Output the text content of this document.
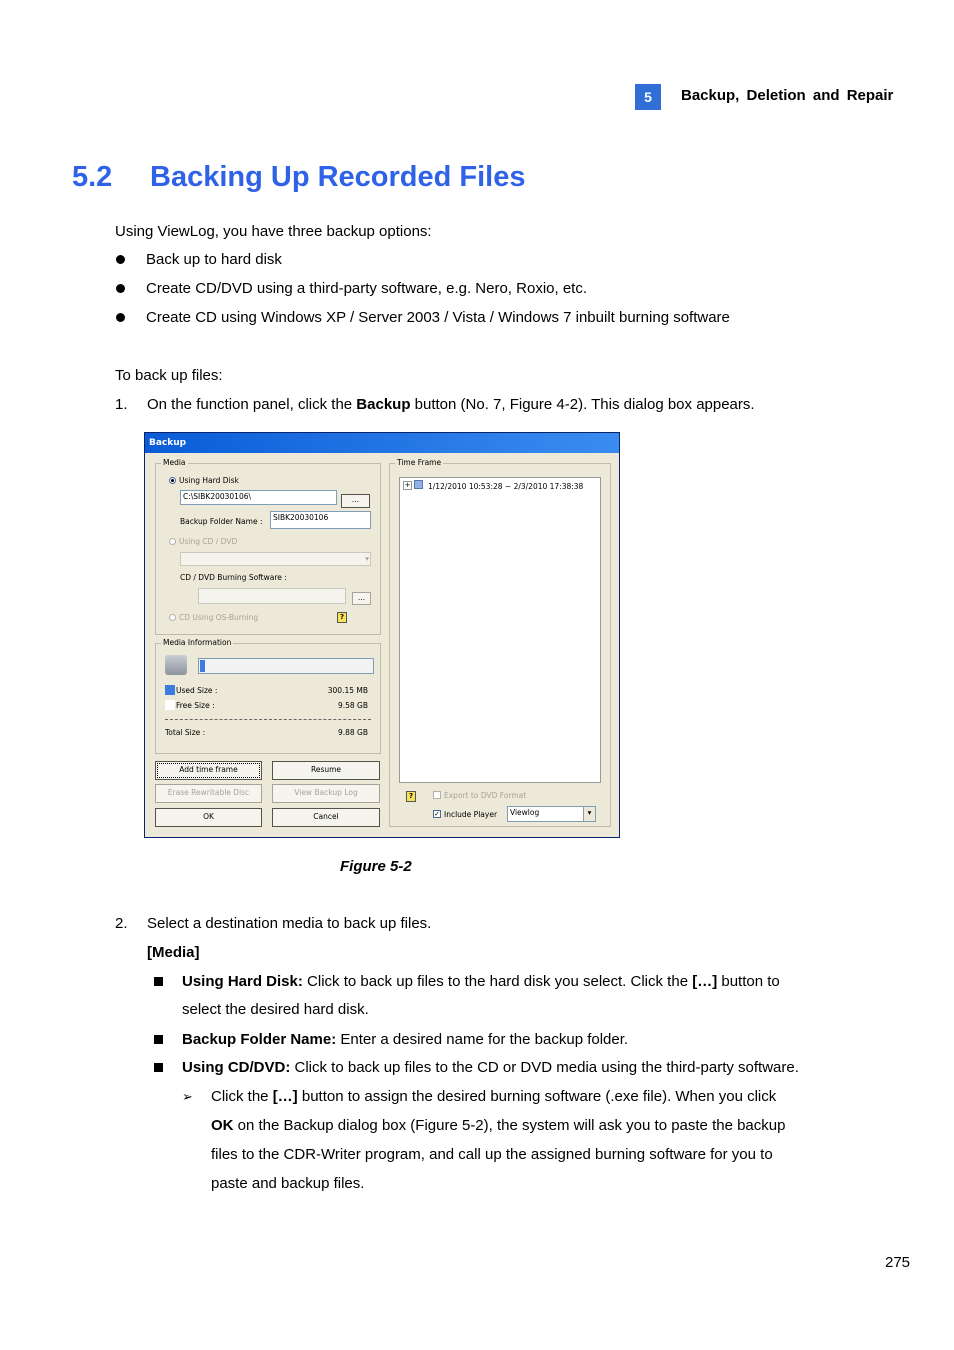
5	Backup, Deletion and Repair
5.2 Backing Up Recorded Files
Using ViewLog, you have three backup options:
Back up to hard disk
Create CD/DVD using a third-party software, e.g. Nero, Roxio, etc.
Create CD using Windows XP / Server 2003 / Vista / Windows 7 inbuilt burning software
To back up files:
1. On the function panel, click the Backup button (No. 7, Figure 4-2). This dialog box appears.
Backup
Media
Using Hard Disk
C:\SIBK20030106\	...
Backup Folder Name :	SIBK20030106
Using CD / DVD
▾
CD / DVD Burning Software :
...
CD Using OS-Burning	?
Media Information
Used Size :	300.15 MB
Free Size :	9.58 GB
Total Size :	9.88 GB
Add time frame	Resume
Erase Rewritable Disc	View Backup Log
OK	Cancel
Time Frame
+ 1/12/2010 10:53:28 ~ 2/3/2010 17:38:38
?	Export to DVD Format
✓ Include Player	Viewlog	▾
Figure 5-2
2. Select a destination media to back up files.
[Media]
Using Hard Disk: Click to back up files to the hard disk you select. Click the […] button to
select the desired hard disk.
Backup Folder Name: Enter a desired name for the backup folder.
Using CD/DVD: Click to back up files to the CD or DVD media using the third-party software.
➢ Click the […] button to assign the desired burning software (.exe file). When you click
OK on the Backup dialog box (Figure 5-2), the system will ask you to paste the backup
files to the CDR-Writer program, and call up the assigned burning software for you to
paste and backup files.
275
